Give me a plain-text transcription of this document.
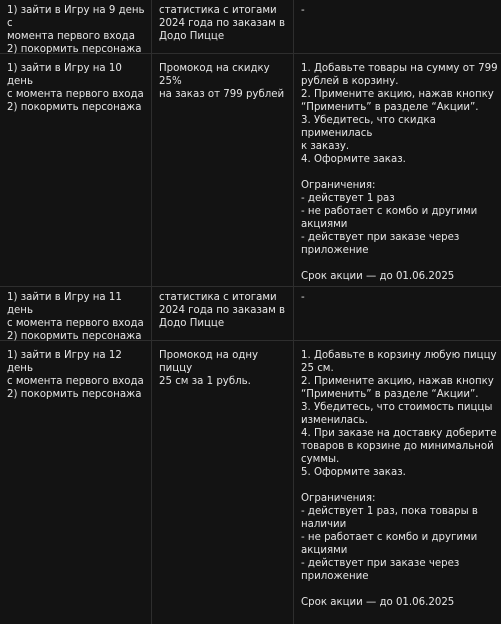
1) зайти в Игру на 9 день с
момента первого входа
2) покормить персонажа
статистика с итогами
2024 года по заказам в
Додо Пицце
-
1) зайти в Игру на 10 день
с момента первого входа
2) покормить персонажа
Промокод на скидку 25%
на заказ от 799 рублей
1. Добавьте товары на сумму от 799
рублей в корзину.
2. Примените акцию, нажав кнопку
“Применить” в разделе “Акции”.
3. Убедитесь, что скидка применилась
к заказу.
4. Оформите заказ.

Ограничения:
- действует 1 раз
- не работает с комбо и другими
акциями
- действует при заказе через
приложение

Срок акции — до 01.06.2025
1) зайти в Игру на 11 день
с момента первого входа
2) покормить персонажа
статистика с итогами
2024 года по заказам в
Додо Пицце
-
1) зайти в Игру на 12 день
с момента первого входа
2) покормить персонажа
Промокод на одну пиццу
25 см за 1 рубль.
1. Добавьте в корзину любую пиццу
25 см.
2. Примените акцию, нажав кнопку
“Применить” в разделе “Акции”.
3. Убедитесь, что стоимость пиццы
изменилась.
4. При заказе на доставку доберите
товаров в корзине до минимальной
суммы.
5. Оформите заказ.

Ограничения:
- действует 1 раз, пока товары в
наличии
- не работает с комбо и другими
акциями
- действует при заказе через
приложение

Срок акции — до 01.06.2025
